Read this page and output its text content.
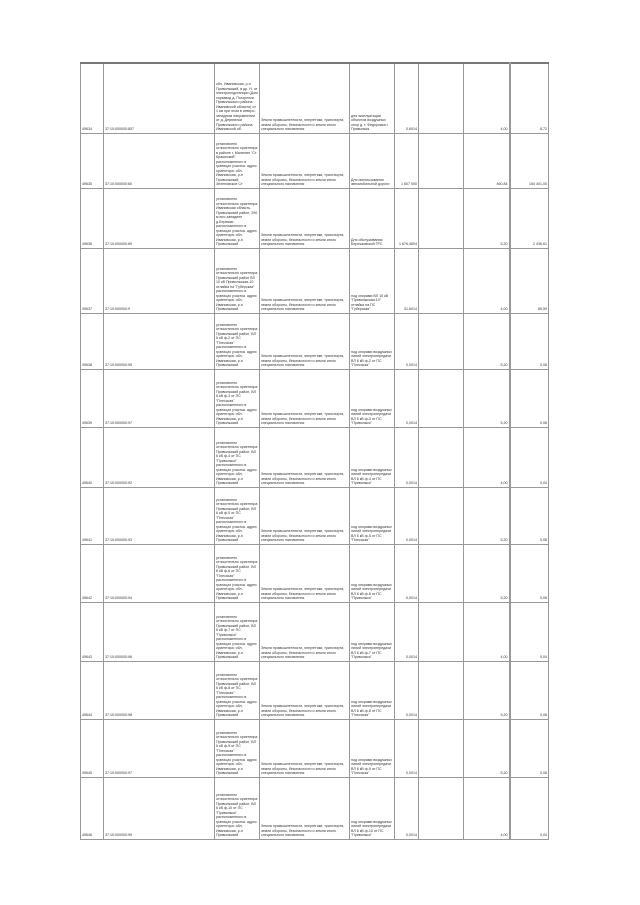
49634	37:10:000000:857	обл. Ивановская, р-н Приволжский, в др. Н. от электроподстанции (Дом хорзавод д. Погорелки Приволжского района Ивановской области) от 1 км при этом в северо-западном направлении от д. Дерягинки Приволжского района Ивановской об.	Земли промышленности, энергетики, транспорта, земли обороны, безопасности и земли иного специального назначения	для эксплуатации объектов воздушных опор д. т. Федоровка г. Приволжск	0,6014		4,00	8,72
49635	37:10:000000:60	установлено относительно ориентира в районе г. Малютин "Ст Крашеский" расположенного в границах участка. адрес ориентира: обл. Ивановская, р-н Приволжский, Зеленовское Ст	Земли промышленности, энергетики, транспорта, земли обороны, безопасности и земли иного специального назначения	Для использования автомобильной дороги	1 607 000		460,84	154 401,00
49636	37:10:000000:69	установлено относительно ориентира Ивановская область, Приволжский район, 290 м юго-западнее д.Бережки расположенного в границах участка. адрес ориентира: обл. Ивановская, р-н Приволжский	Земли промышленности, энергетики, транспорта, земли обороны, безопасности и земли иного специального назначения	Для обслуживания Бережковской ГРС	1 676,4804		5,20	2 436,61
49637	37:10:000000:9	установлено относительно ориентира Приволжский район ВЛ 10 кВ Приволжская-10 отпайка на "Губерская" расположенного в границах участка. адрес ориентира: обл. Ивановская, р-н Приволжский	Земли промышленности, энергетики, транспорта, земли обороны, безопасности и земли иного специального назначения	под опорами ВЛ 10 кВ "Приволжская-10" отпайка на ПС "Губерская"	31,6014		4,00	85,59
49638	37:10:000000:95	установлено относительно ориентира Приволжский район, ВЛ 6 кВ ф-2 от ПС "Плесская" расположенного в границах участка. адрес ориентира: обл. Ивановская, р-н Приволжский	Земли промышленности, энергетики, транспорта, земли обороны, безопасности и земли иного специального назначения	под опорами воздушных линий электропередачи ВЛ 6 кВ ф-2 от ПС "Плесская"	0,0014		5,20	0,08
49639	37:10:000000:97	установлено относительно ориентира Приволжский район, ВЛ 6 кВ ф-3 от ПС "Плесская" расположенного в границах участка. адрес ориентира: обл. Ивановская, р-н Приволжский	Земли промышленности, энергетики, транспорта, земли обороны, безопасности и земли иного специального назначения	под опорами воздушных линий электропередачи ВЛ 6 кВ ф-3 от ПС "Приволжск"	0,0014		5,20	0,08
49640	37:10:000000:92	установлено относительно ориентира Приволжский район, ВЛ 6 кВ ф-4 от ПС "Приволжск" расположенного в границах участка. адрес ориентира: обл. Ивановская, р-н Приволжский	Земли промышленности, энергетики, транспорта, земли обороны, безопасности и земли иного специального назначения	под опорами воздушных линий электропередачи ВЛ 6 кВ ф-4 от ПС "Приволжск"	0,0014		4,00	0,04
49641	37:10:000000:93	установлено относительно ориентира Приволжский район, ВЛ 6 кВ ф-5 от ПС "Плесская" расположенного в границах участка. адрес ориентира: обл. Ивановская, р-н Приволжский	Земли промышленности, энергетики, транспорта, земли обороны, безопасности и земли иного специального назначения	под опорами воздушных линий электропередачи ВЛ 6 кВ ф-5 от ПС "Плесская"	0,0014		5,20	0,08
49642	37:10:000000:94	установлено относительно ориентира Приволжский район, ВЛ 6 кВ ф-6 от ПС "Плесская" расположенного в границах участка. адрес ориентира: обл. Ивановская, р-н Приволжский	Земли промышленности, энергетики, транспорта, земли обороны, безопасности и земли иного специального назначения	под опорами воздушных линий электропередачи ВЛ 6 кВ ф-6 от ПС "Приволжск"	0,0014		5,20	0,08
49643	37:10:000000:96	установлено относительно ориентира Приволжский район, ВЛ 6 кВ ф-7 от ПС "Приволжск" расположенного в границах участка. адрес ориентира: обл. Ивановская, р-н Приволжский	Земли промышленности, энергетики, транспорта, земли обороны, безопасности и земли иного специального назначения	под опорами воздушных линий электропередачи ВЛ 6 кВ ф-7 от ПС "Приволжск"	0,0014		4,00	0,04
49644	37:10:000000:98	установлено относительно ориентира Приволжский район, ВЛ 6 кВ ф-8 от ПС "Плесская" расположенного в границах участка. адрес ориентира: обл. Ивановская, р-н Приволжский	Земли промышленности, энергетики, транспорта, земли обороны, безопасности и земли иного специального назначения	под опорами воздушных линий электропередачи ВЛ 6 кВ ф-8 от ПС "Плесская"	0,0014		5,20	0,08
49645	37:10:000000:97	установлено относительно ориентира Приволжский район, ВЛ 6 кВ ф-9 от ПС "Плесская" расположенного в границах участка. адрес ориентира: обл. Ивановская, р-н Приволжский	Земли промышленности, энергетики, транспорта, земли обороны, безопасности и земли иного специального назначения	под опорами воздушных линий электропередачи ВЛ 6 кВ ф-9 от ПС "Плесская"	0,0014		5,20	0,08
49646	37:10:000000:99	установлено относительно ориентира Приволжский район, ВЛ 6 кВ ф-10 от ПС "Приволжск" расположенного в границах участка. адрес ориентира: обл. Ивановская, р-н Приволжский	Земли промышленности, энергетики, транспорта, земли обороны, безопасности и земли иного специального назначения	под опорами воздушных линий электропередачи ВЛ 6 кВ ф-10 от ПС "Приволжск"	0,0014		4,00	0,04
